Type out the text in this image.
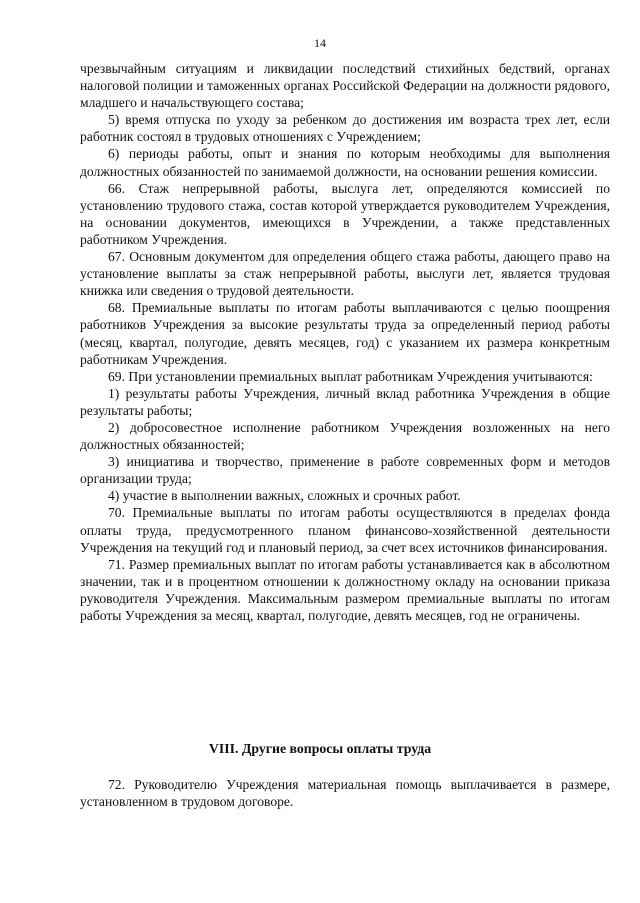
14

чрезвычайным ситуациям и ликвидации последствий стихийных бедствий, органах налоговой полиции и таможенных органах Российской Федерации на должности рядового, младшего и начальствующего состава;

5) время отпуска по уходу за ребенком до достижения им возраста трех лет, если работник состоял в трудовых отношениях с Учреждением;

6) периоды работы, опыт и знания по которым необходимы для выполнения должностных обязанностей по занимаемой должности, на основании решения комиссии.

66. Стаж непрерывной работы, выслуга лет, определяются комиссией по установлению трудового стажа, состав которой утверждается руководителем Учреждения, на основании документов, имеющихся в Учреждении, а также представленных работником Учреждения.

67. Основным документом для определения общего стажа работы, дающего право на установление выплаты за стаж непрерывной работы, выслуги лет, является трудовая книжка или сведения о трудовой деятельности.

68. Премиальные выплаты по итогам работы выплачиваются с целью поощрения работников Учреждения за высокие результаты труда за определенный период работы (месяц, квартал, полугодие, девять месяцев, год) с указанием их размера конкретным работникам Учреждения.

69. При установлении премиальных выплат работникам Учреждения учитываются:

1) результаты работы Учреждения, личный вклад работника Учреждения в общие результаты работы;

2) добросовестное исполнение работником Учреждения возложенных на него должностных обязанностей;

3) инициатива и творчество, применение в работе современных форм и методов организации труда;

4) участие в выполнении важных, сложных и срочных работ.

70. Премиальные выплаты по итогам работы осуществляются в пределах фонда оплаты труда, предусмотренного планом финансово-хозяйственной деятельности Учреждения на текущий год и плановый период, за счет всех источников финансирования.

71. Размер премиальных выплат по итогам работы устанавливается как в абсолютном значении, так и в процентном отношении к должностному окладу на основании приказа руководителя Учреждения. Максимальным размером премиальные выплаты по итогам работы Учреждения за месяц, квартал, полугодие, девять месяцев, год не ограничены.

VIII. Другие вопросы оплаты труда

72. Руководителю Учреждения материальная помощь выплачивается в размере, установленном в трудовом договоре.
